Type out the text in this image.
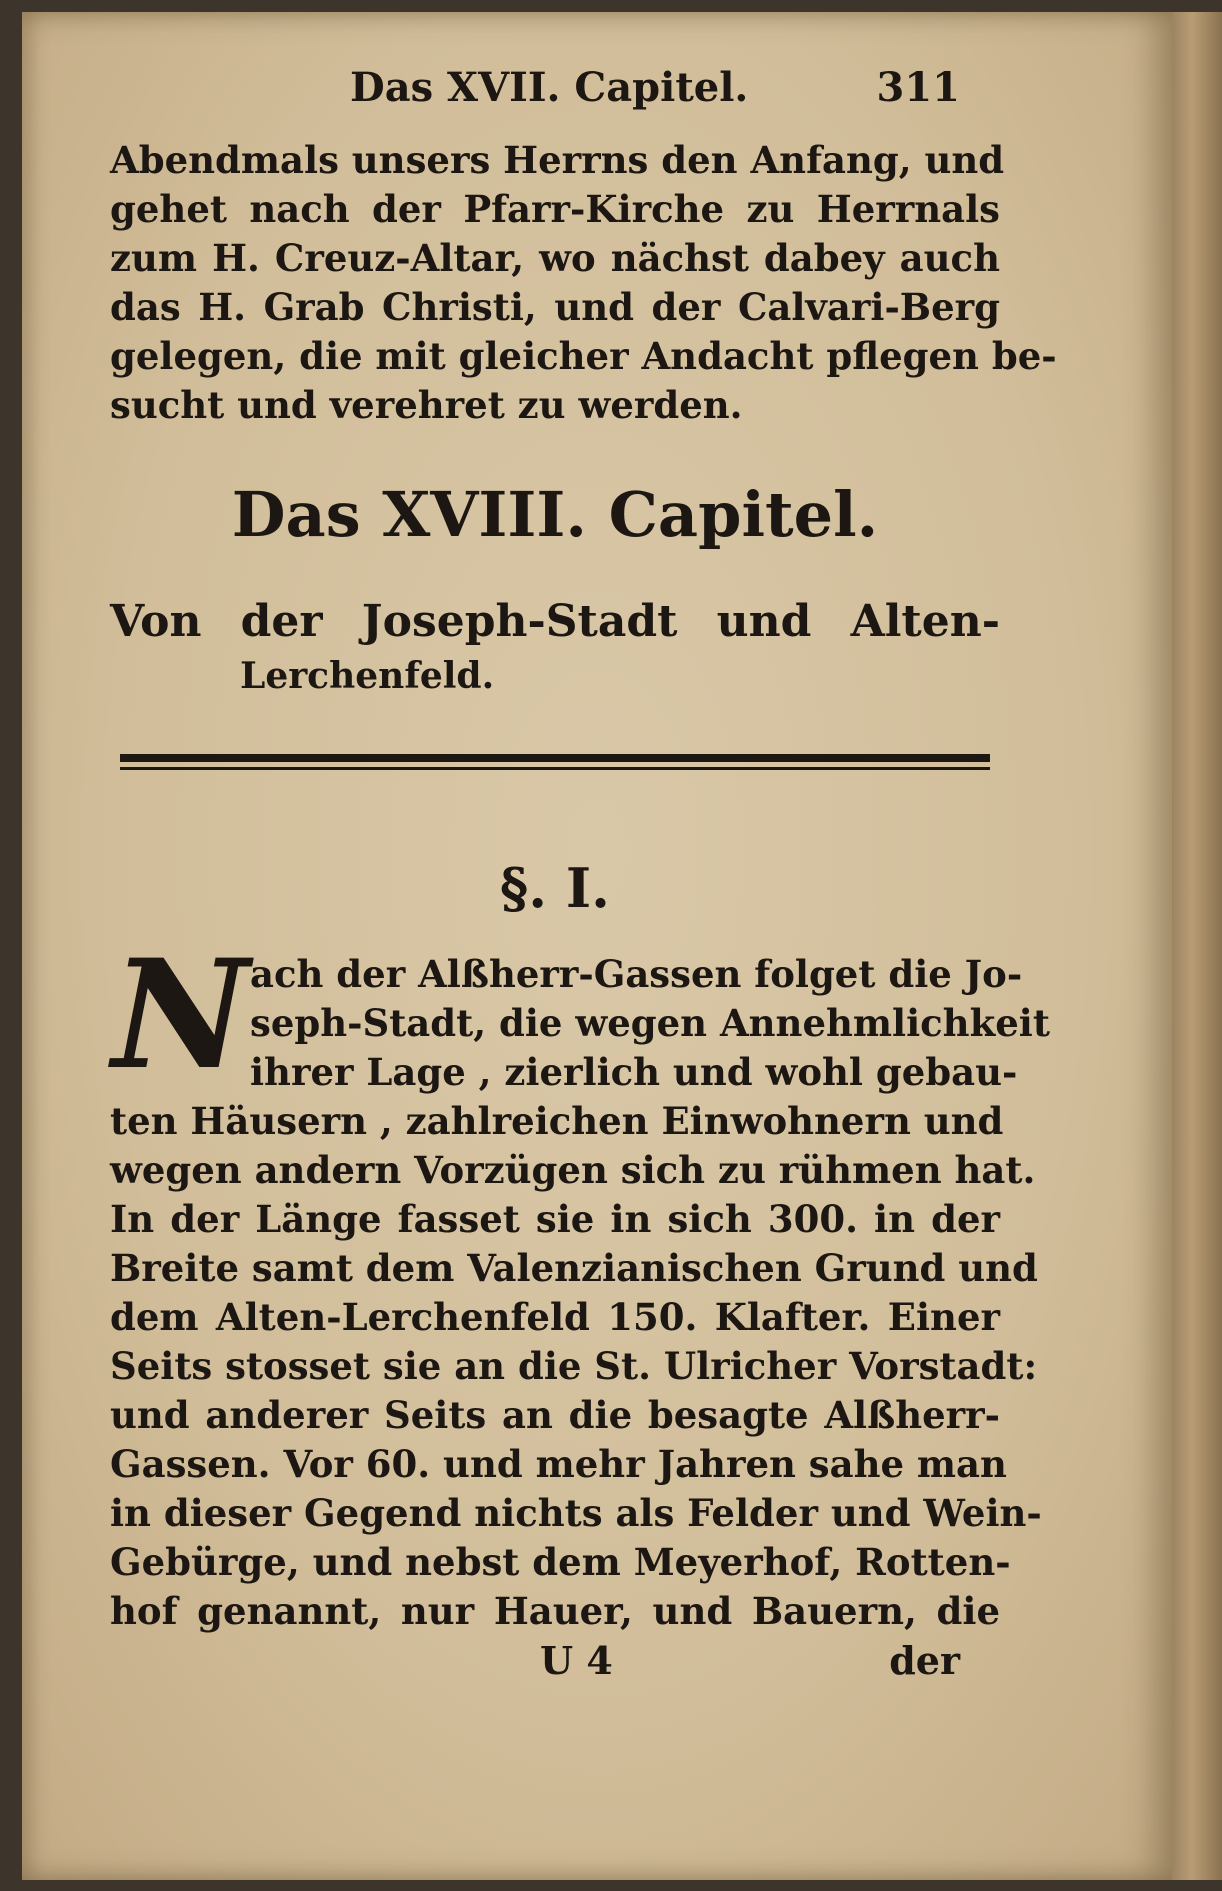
Das XVII. Capitel.	311
Abendmals unsers Herrns den Anfang, und
gehet nach der Pfarr-Kirche zu Herrnals
zum H. Creuz-Altar, wo nächst dabey auch
das H. Grab Christi, und der Calvari-Berg
gelegen, die mit gleicher Andacht pflegen be-
sucht und verehret zu werden.
Das XVIII. Capitel.
Von der Joseph-Stadt und Alten-
Lerchenfeld.
§. I.
N ach der Alßherr-Gassen folget die Jo-
seph-Stadt, die wegen Annehmlichkeit
ihrer Lage , zierlich und wohl gebau-
ten Häusern , zahlreichen Einwohnern und
wegen andern Vorzügen sich zu rühmen hat.
In der Länge fasset sie in sich 300. in der
Breite samt dem Valenzianischen Grund und
dem Alten-Lerchenfeld 150. Klafter. Einer
Seits stosset sie an die St. Ulricher Vorstadt:
und anderer Seits an die besagte Alßherr-
Gassen. Vor 60. und mehr Jahren sahe man
in dieser Gegend nichts als Felder und Wein-
Gebürge, und nebst dem Meyerhof, Rotten-
hof genannt, nur Hauer, und Bauern, die
U 4	der
